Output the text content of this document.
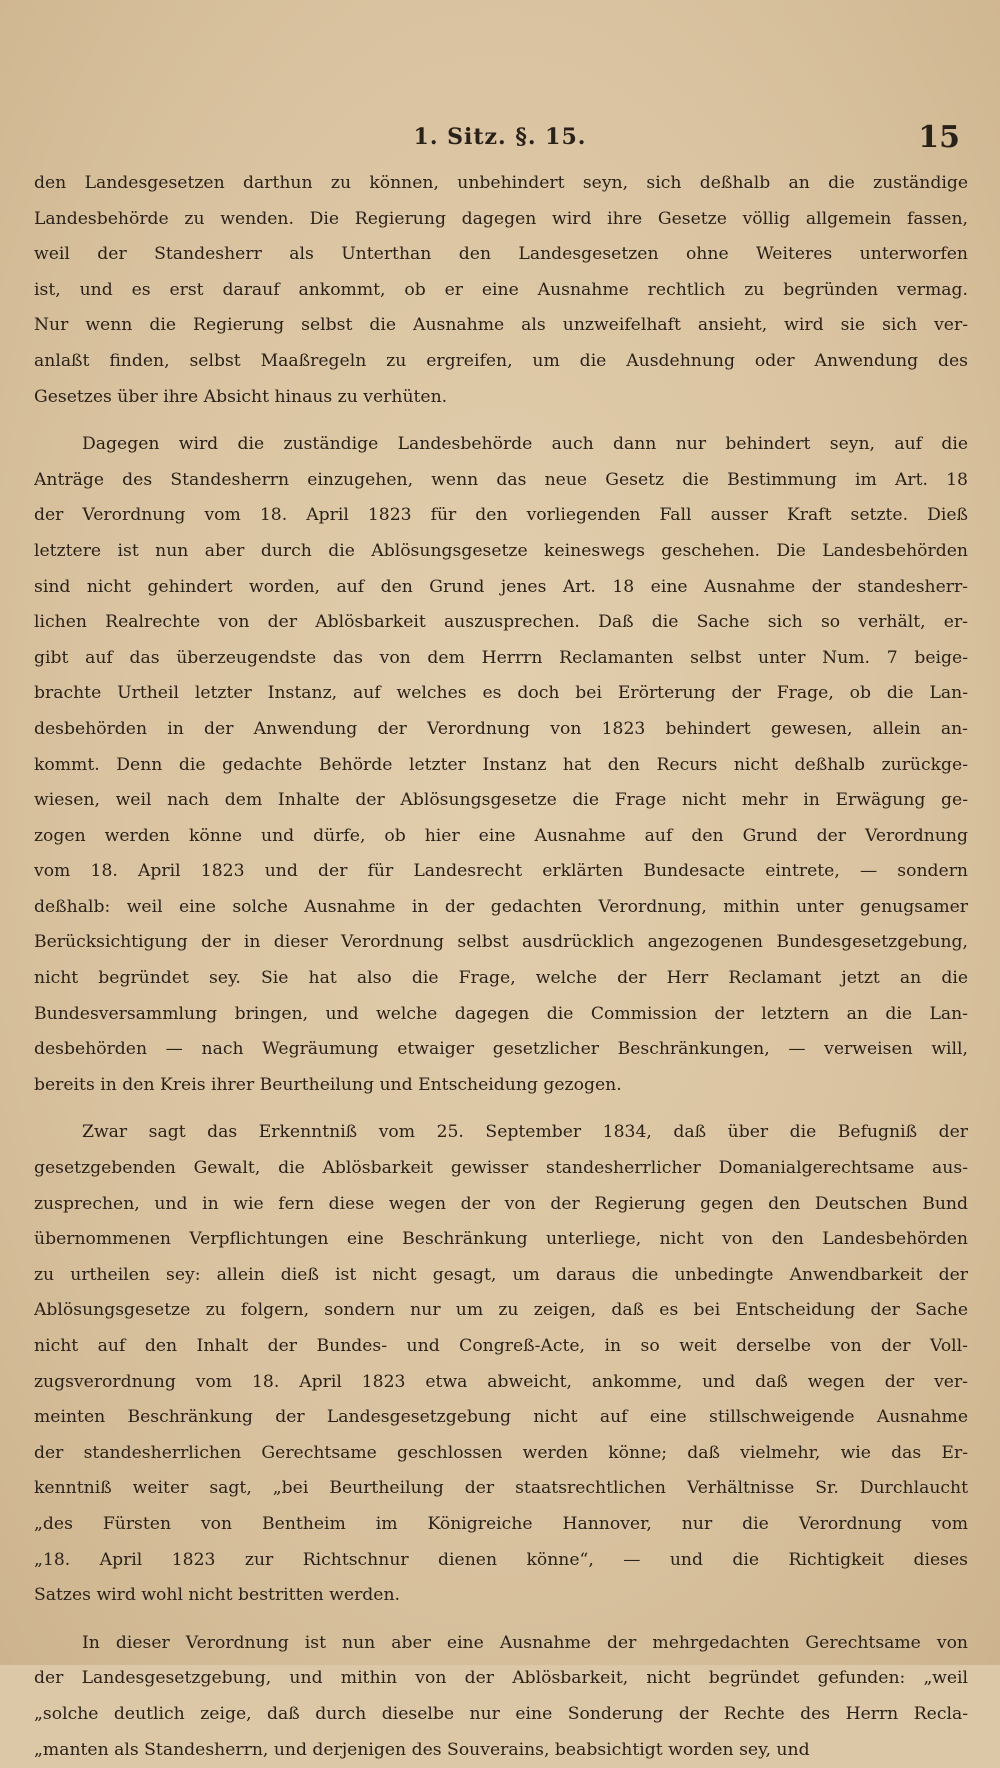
1. Sitz. §. 15.	15

den Landesgesetzen darthun zu können, unbehindert seyn, sich deßhalb an die zuständige
Landesbehörde zu wenden. Die Regierung dagegen wird ihre Gesetze völlig allgemein fassen,
weil der Standesherr als Unterthan den Landesgesetzen ohne Weiteres unterworfen
ist, und es erst darauf ankommt, ob er eine Ausnahme rechtlich zu begründen vermag.
Nur wenn die Regierung selbst die Ausnahme als unzweifelhaft ansieht, wird sie sich ver-
anlaßt finden, selbst Maaßregeln zu ergreifen, um die Ausdehnung oder Anwendung des
Gesetzes über ihre Absicht hinaus zu verhüten.

Dagegen wird die zuständige Landesbehörde auch dann nur behindert seyn, auf die
Anträge des Standesherrn einzugehen, wenn das neue Gesetz die Bestimmung im Art. 18
der Verordnung vom 18. April 1823 für den vorliegenden Fall ausser Kraft setzte. Dieß
letztere ist nun aber durch die Ablösungsgesetze keineswegs geschehen. Die Landesbehörden
sind nicht gehindert worden, auf den Grund jenes Art. 18 eine Ausnahme der standesherr-
lichen Realrechte von der Ablösbarkeit auszusprechen. Daß die Sache sich so verhält, er-
gibt auf das überzeugendste das von dem Herrrn Reclamanten selbst unter Num. 7 beige-
brachte Urtheil letzter Instanz, auf welches es doch bei Erörterung der Frage, ob die Lan-
desbehörden in der Anwendung der Verordnung von 1823 behindert gewesen, allein an-
kommt. Denn die gedachte Behörde letzter Instanz hat den Recurs nicht deßhalb zurückge-
wiesen, weil nach dem Inhalte der Ablösungsgesetze die Frage nicht mehr in Erwägung ge-
zogen werden könne und dürfe, ob hier eine Ausnahme auf den Grund der Verordnung
vom 18. April 1823 und der für Landesrecht erklärten Bundesacte eintrete, — sondern
deßhalb: weil eine solche Ausnahme in der gedachten Verordnung, mithin unter genugsamer
Berücksichtigung der in dieser Verordnung selbst ausdrücklich angezogenen Bundesgesetzgebung,
nicht begründet sey. Sie hat also die Frage, welche der Herr Reclamant jetzt an die
Bundesversammlung bringen, und welche dagegen die Commission der letztern an die Lan-
desbehörden — nach Wegräumung etwaiger gesetzlicher Beschränkungen, — verweisen will,
bereits in den Kreis ihrer Beurtheilung und Entscheidung gezogen.

Zwar sagt das Erkenntniß vom 25. September 1834, daß über die Befugniß der
gesetzgebenden Gewalt, die Ablösbarkeit gewisser standesherrlicher Domanialgerechtsame aus-
zusprechen, und in wie fern diese wegen der von der Regierung gegen den Deutschen Bund
übernommenen Verpflichtungen eine Beschränkung unterliege, nicht von den Landesbehörden
zu urtheilen sey: allein dieß ist nicht gesagt, um daraus die unbedingte Anwendbarkeit der
Ablösungsgesetze zu folgern, sondern nur um zu zeigen, daß es bei Entscheidung der Sache
nicht auf den Inhalt der Bundes- und Congreß-Acte, in so weit derselbe von der Voll-
zugsverordnung vom 18. April 1823 etwa abweicht, ankomme, und daß wegen der ver-
meinten Beschränkung der Landesgesetzgebung nicht auf eine stillschweigende Ausnahme
der standesherrlichen Gerechtsame geschlossen werden könne; daß vielmehr, wie das Er-
kenntniß weiter sagt, „bei Beurtheilung der staatsrechtlichen Verhältnisse Sr. Durchlaucht
„des Fürsten von Bentheim im Königreiche Hannover, nur die Verordnung vom
„18. April 1823 zur Richtschnur dienen könne“, — und die Richtigkeit dieses
Satzes wird wohl nicht bestritten werden.

In dieser Verordnung ist nun aber eine Ausnahme der mehrgedachten Gerechtsame von
der Landesgesetzgebung, und mithin von der Ablösbarkeit, nicht begründet gefunden: „weil
„solche deutlich zeige, daß durch dieselbe nur eine Sonderung der Rechte des Herrn Recla-
„manten als Standesherrn, und derjenigen des Souverains, beabsichtigt worden sey, und
